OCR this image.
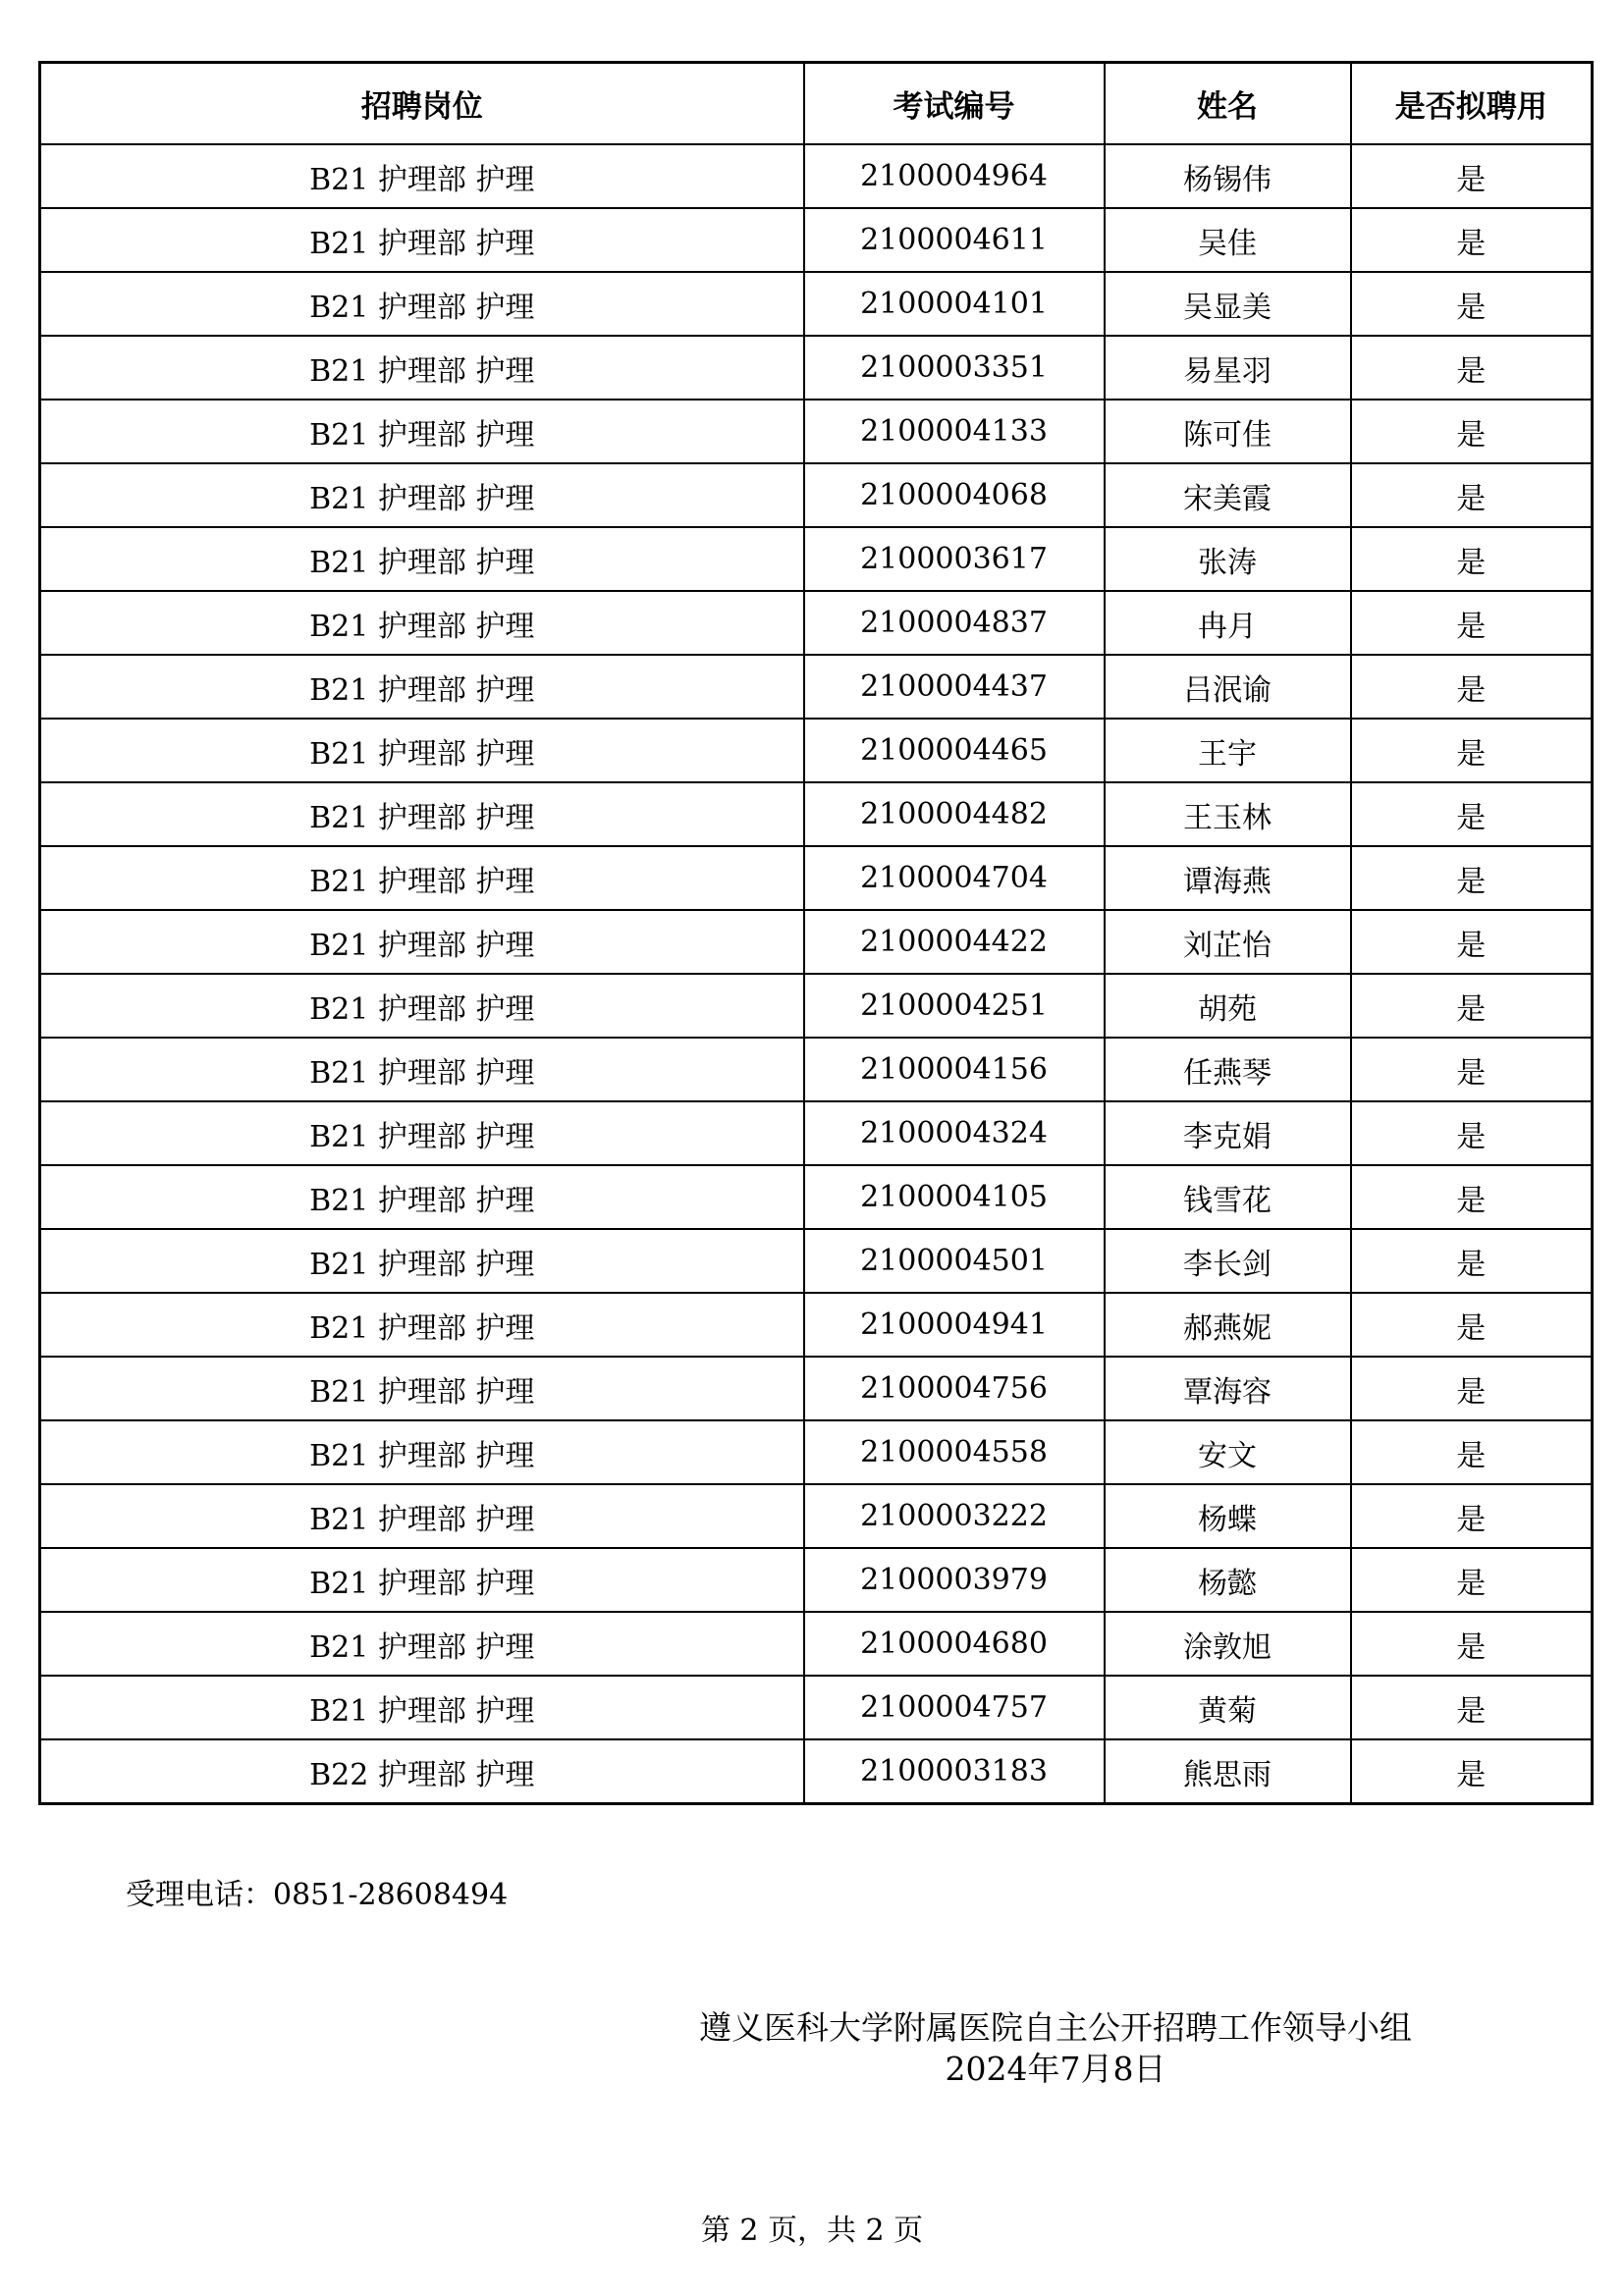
招聘岗位	考试编号	姓名	是否拟聘用
B21 护理部 护理	2100004964	杨锡伟	是
B21 护理部 护理	2100004611	吴佳	是
B21 护理部 护理	2100004101	吴显美	是
B21 护理部 护理	2100003351	易星羽	是
B21 护理部 护理	2100004133	陈可佳	是
B21 护理部 护理	2100004068	宋美霞	是
B21 护理部 护理	2100003617	张涛	是
B21 护理部 护理	2100004837	冉月	是
B21 护理部 护理	2100004437	吕泯谕	是
B21 护理部 护理	2100004465	王宇	是
B21 护理部 护理	2100004482	王玉林	是
B21 护理部 护理	2100004704	谭海燕	是
B21 护理部 护理	2100004422	刘芷怡	是
B21 护理部 护理	2100004251	胡苑	是
B21 护理部 护理	2100004156	任燕琴	是
B21 护理部 护理	2100004324	李克娟	是
B21 护理部 护理	2100004105	钱雪花	是
B21 护理部 护理	2100004501	李长剑	是
B21 护理部 护理	2100004941	郝燕妮	是
B21 护理部 护理	2100004756	覃海容	是
B21 护理部 护理	2100004558	安文	是
B21 护理部 护理	2100003222	杨蝶	是
B21 护理部 护理	2100003979	杨懿	是
B21 护理部 护理	2100004680	涂敦旭	是
B21 护理部 护理	2100004757	黄菊	是
B22 护理部 护理	2100003183	熊思雨	是
受理电话：0851-28608494
遵义医科大学附属医院自主公开招聘工作领导小组
2024年7月8日
第 2 页，共 2 页
